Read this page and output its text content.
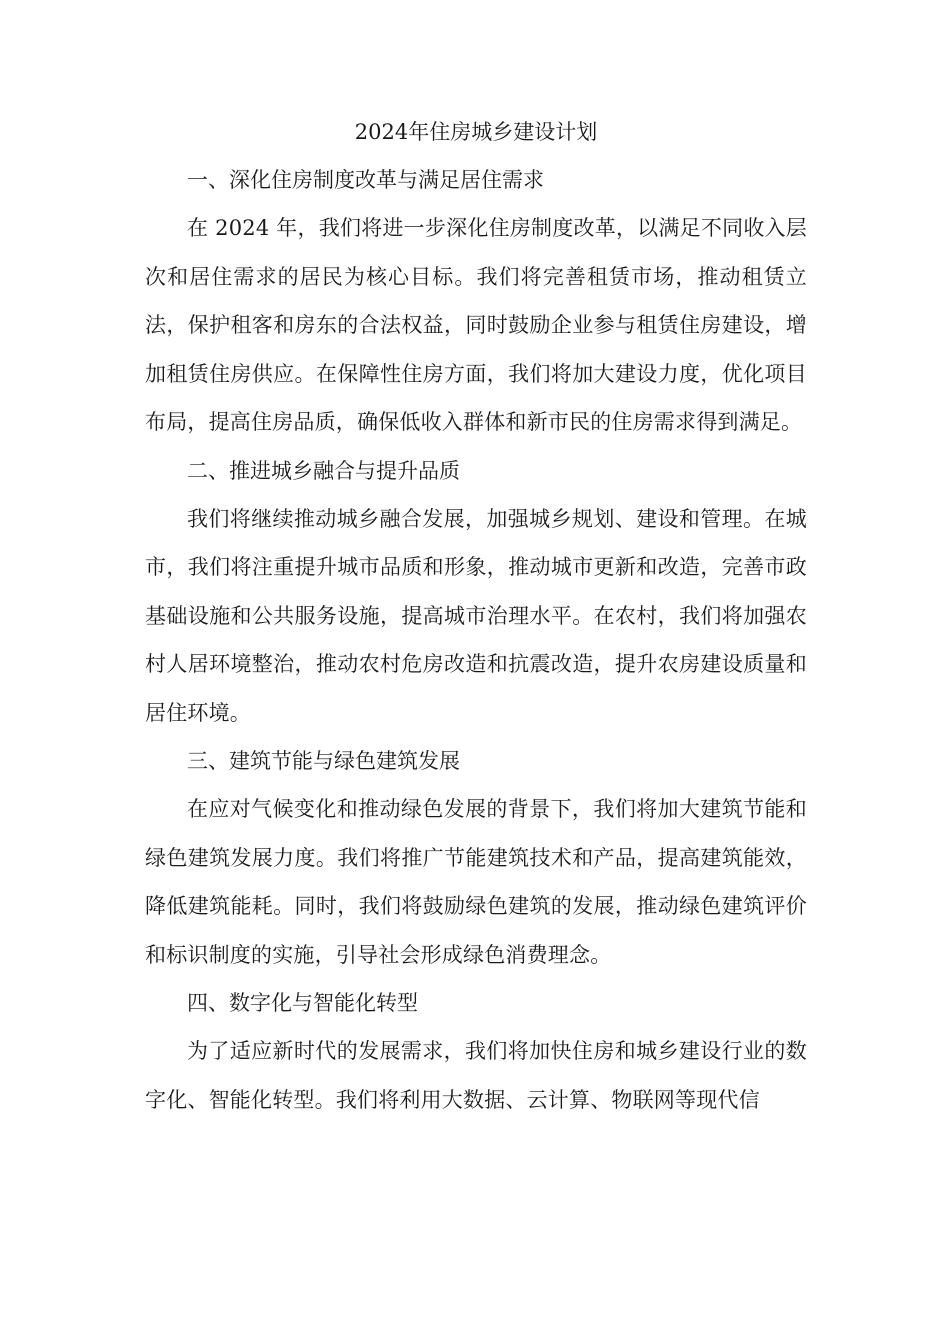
2024年住房城乡建设计划

一、深化住房制度改革与满足居住需求

在 2024 年，我们将进一步深化住房制度改革，以满足不同收入层次和居住需求的居民为核心目标。我们将完善租赁市场，推动租赁立法，保护租客和房东的合法权益，同时鼓励企业参与租赁住房建设，增加租赁住房供应。在保障性住房方面，我们将加大建设力度，优化项目布局，提高住房品质，确保低收入群体和新市民的住房需求得到满足。

二、推进城乡融合与提升品质

我们将继续推动城乡融合发展，加强城乡规划、建设和管理。在城市，我们将注重提升城市品质和形象，推动城市更新和改造，完善市政基础设施和公共服务设施，提高城市治理水平。在农村，我们将加强农村人居环境整治，推动农村危房改造和抗震改造，提升农房建设质量和居住环境。

三、建筑节能与绿色建筑发展

在应对气候变化和推动绿色发展的背景下，我们将加大建筑节能和绿色建筑发展力度。我们将推广节能建筑技术和产品，提高建筑能效，降低建筑能耗。同时，我们将鼓励绿色建筑的发展，推动绿色建筑评价和标识制度的实施，引导社会形成绿色消费理念。

四、数字化与智能化转型

为了适应新时代的发展需求，我们将加快住房和城乡建设行业的数字化、智能化转型。我们将利用大数据、云计算、物联网等现代信
